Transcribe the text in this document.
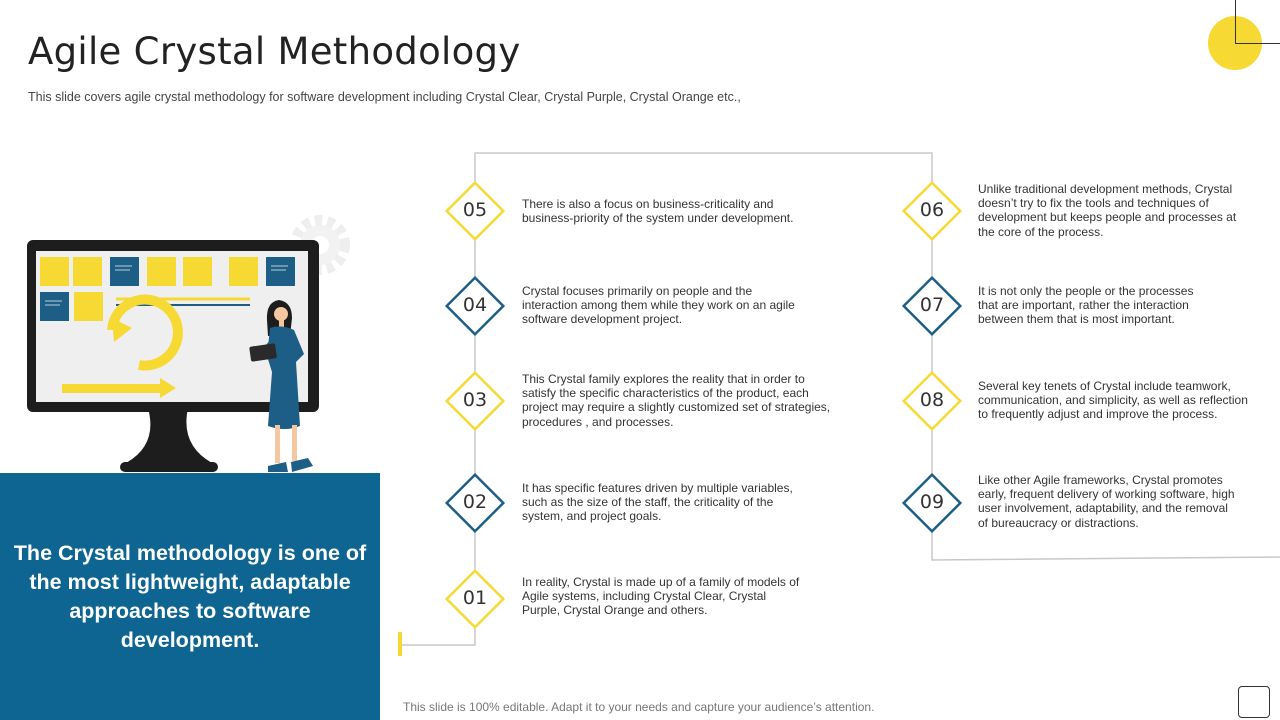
Agile Crystal Methodology
This slide covers agile crystal methodology for software development including Crystal Clear, Crystal Purple, Crystal Orange etc.,
The Crystal methodology is one of the most lightweight, adaptable approaches to software development.
01
02
03
04
05	06
07
08
09
In reality, Crystal is made up of a family of models of Agile systems, including Crystal Clear, Crystal Purple, Crystal Orange and others.
It has specific features driven by multiple variables, such as the size of the staff, the criticality of the system, and project goals.
This Crystal family explores the reality that in order to satisfy the specific characteristics of the product, each project may require a slightly customized set of strategies, procedures , and processes.
Crystal focuses primarily on people and the interaction among them while they work on an agile software development project.
There is also a focus on business-criticality and business-priority of the system under development.
Unlike traditional development methods, Crystal doesn’t try to fix the tools and techniques of development but keeps people and processes at the core of the process.
It is not only the people or the processes that are important, rather the interaction between them that is most important.
Several key tenets of Crystal include teamwork, communication, and simplicity, as well as reflection to frequently adjust and improve the process.
Like other Agile frameworks, Crystal promotes early, frequent delivery of working software, high user involvement, adaptability, and the removal of bureaucracy or distractions.
This slide is 100% editable. Adapt it to your needs and capture your audience’s attention.
